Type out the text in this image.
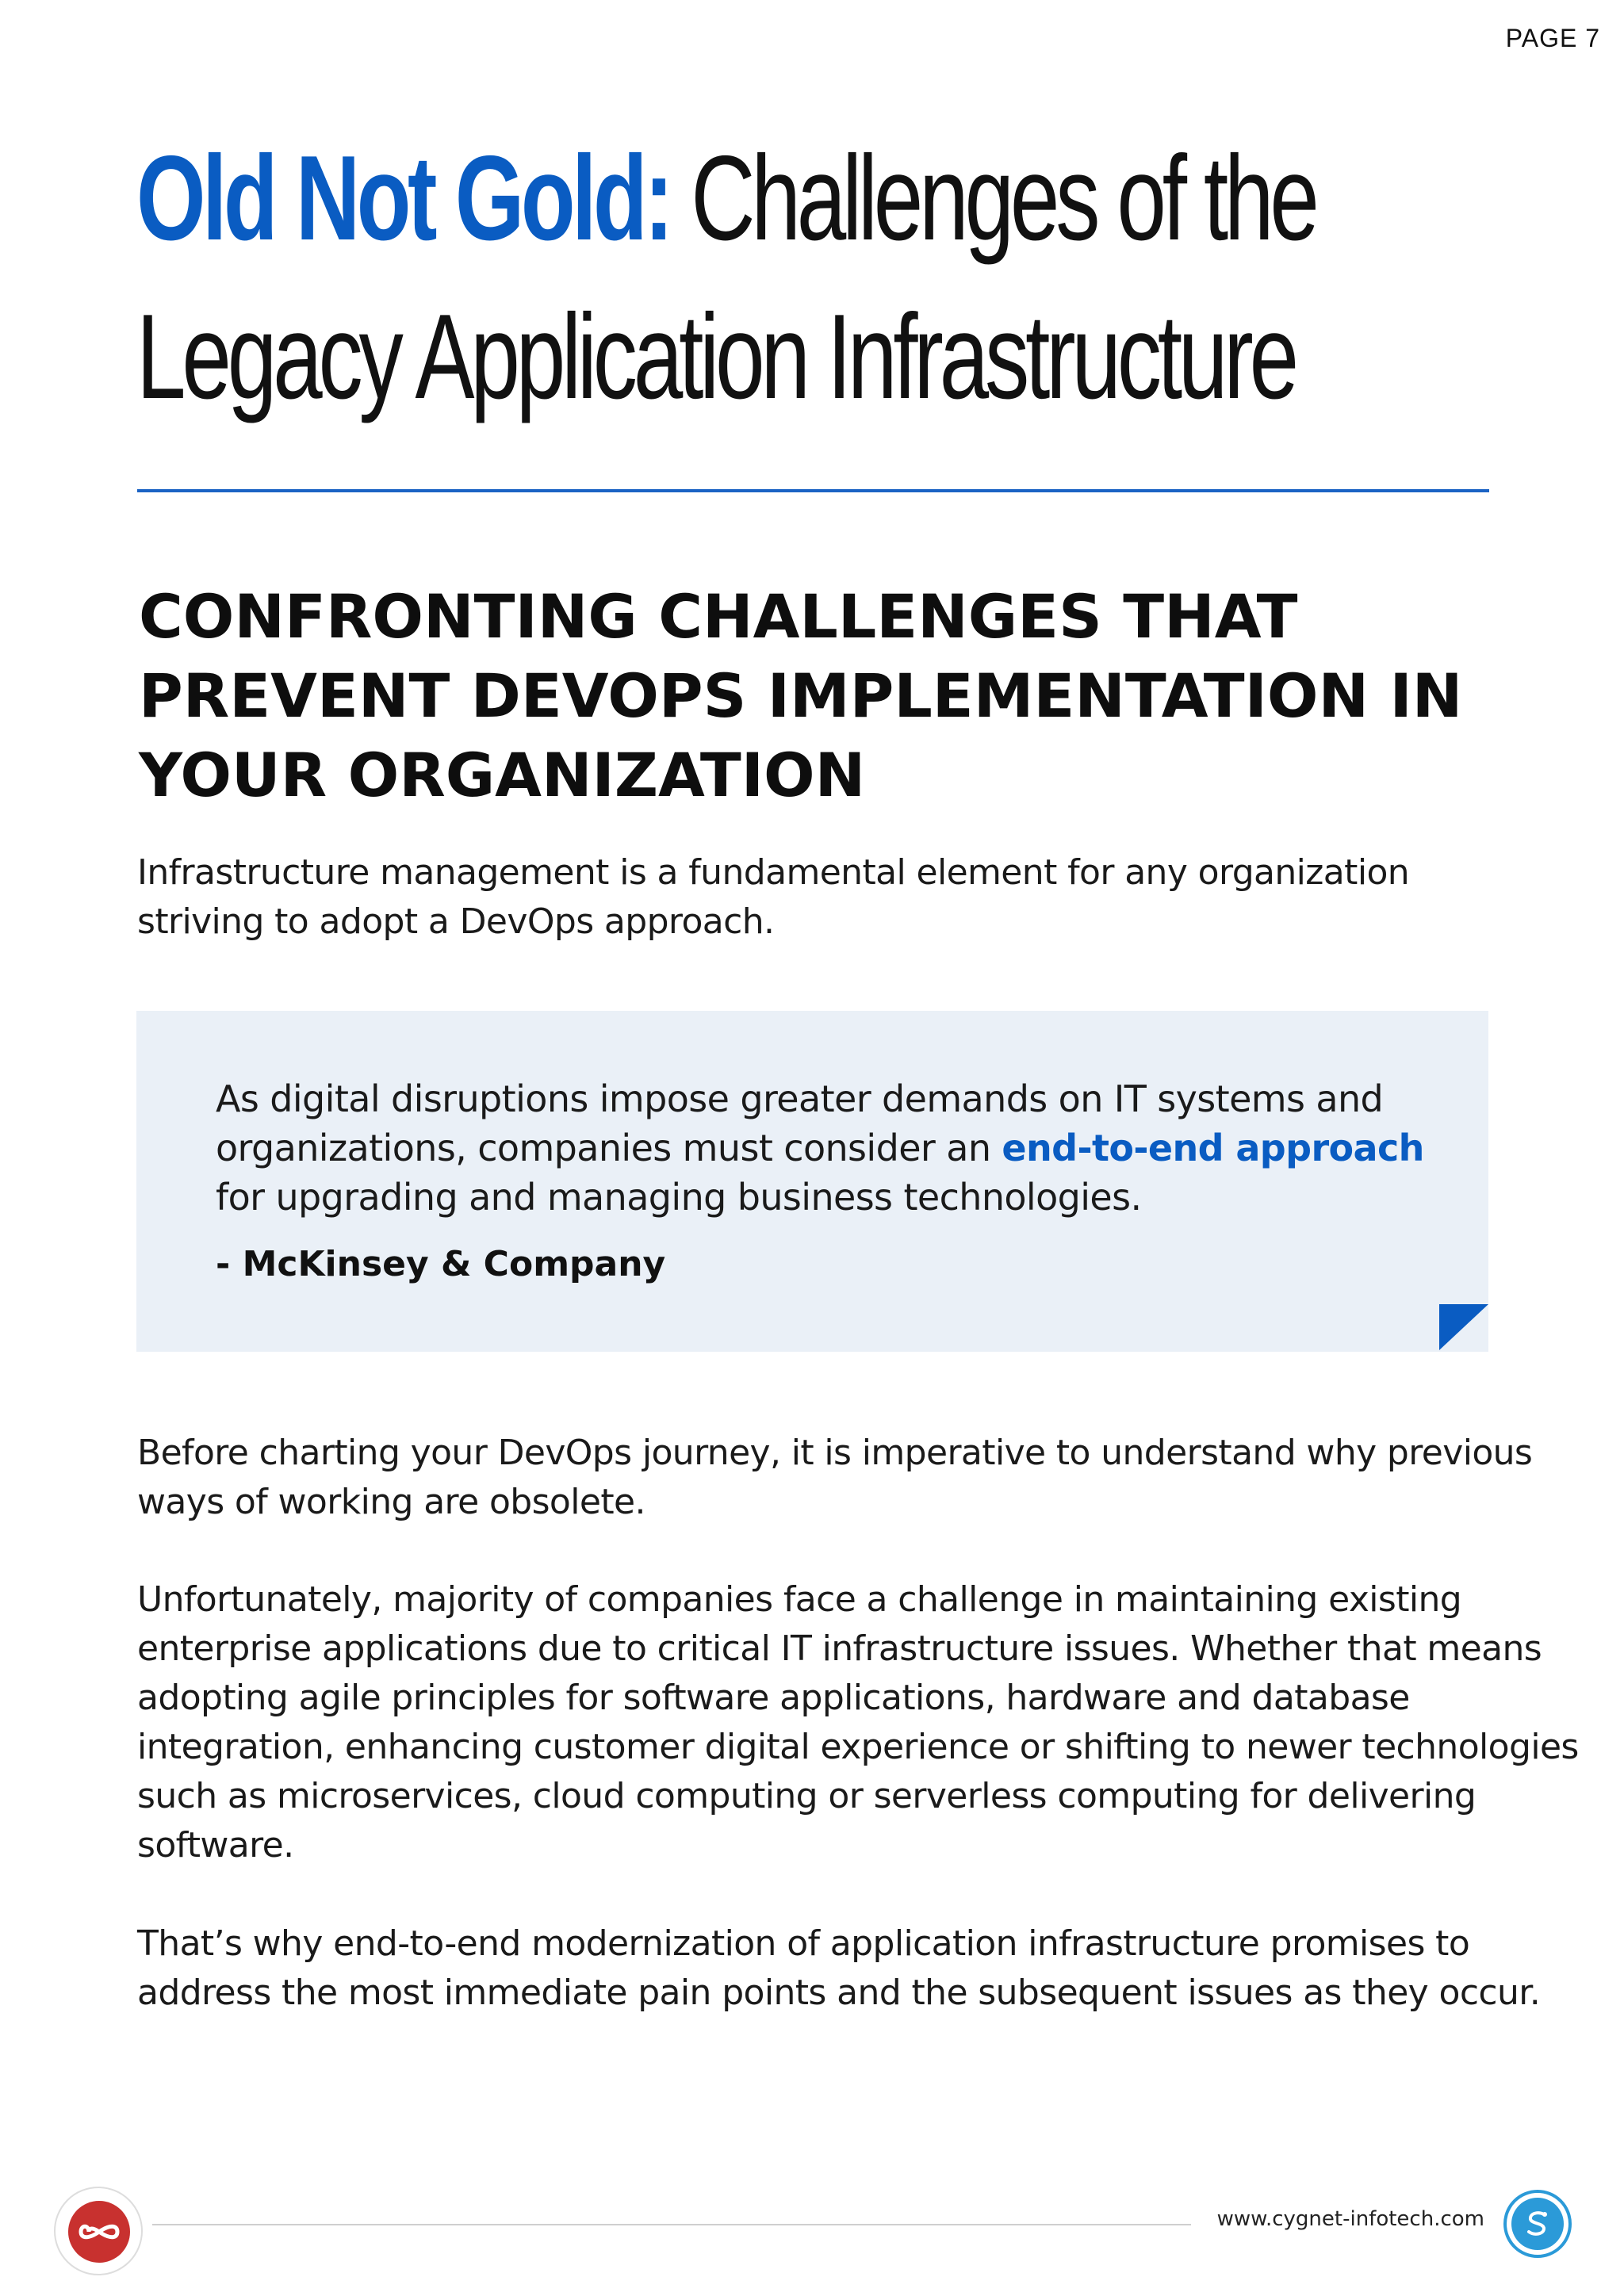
PAGE 7
Old Not Gold: Challenges of the
Legacy Application Infrastructure
CONFRONTING CHALLENGES THAT
PREVENT DEVOPS IMPLEMENTATION IN
YOUR ORGANIZATION

Infrastructure management is a fundamental element for any organization
striving to adopt a DevOps approach.

As digital disruptions impose greater demands on IT systems and
organizations, companies must consider an end-to-end approach
for upgrading and managing business technologies.

- McKinsey & Company

Before charting your DevOps journey, it is imperative to understand why previous
ways of working are obsolete.

Unfortunately, majority of companies face a challenge in maintaining existing
enterprise applications due to critical IT infrastructure issues. Whether that means
adopting agile principles for software applications, hardware and database
integration, enhancing customer digital experience or shifting to newer technologies
such as microservices, cloud computing or serverless computing for delivering
software.

That’s why end-to-end modernization of application infrastructure promises to
address the most immediate pain points and the subsequent issues as they occur.

www.cygnet-infotech.com
